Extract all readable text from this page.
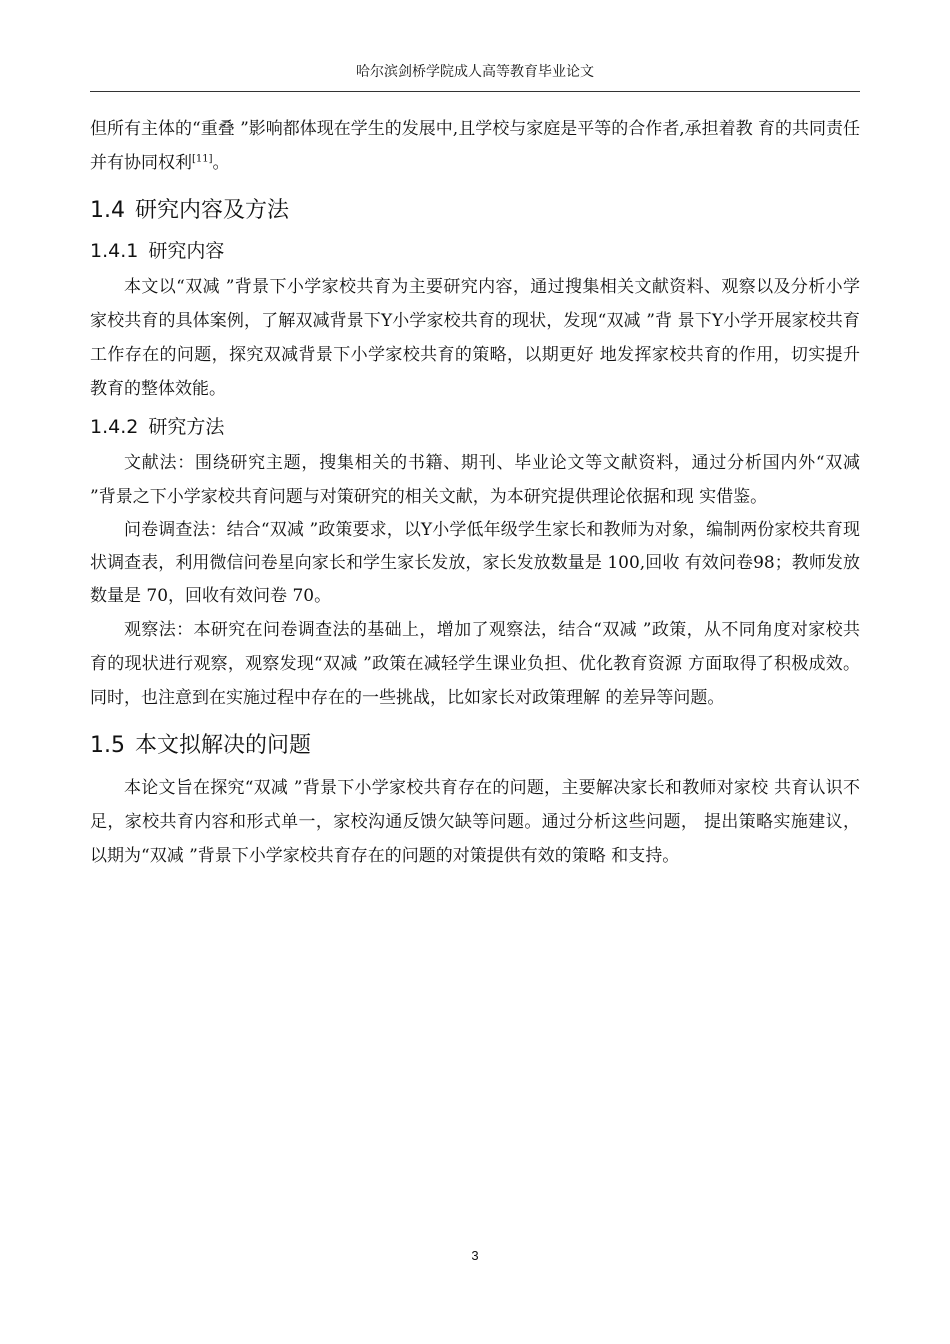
哈尔滨剑桥学院成人高等教育毕业论文

但所有主体的“重叠 ”影响都体现在学生的发展中,且学校与家庭是平等的合作者,承担着教 育的共同责任并有协同权利[11]。

1.4 研究内容及方法
1.4.1 研究内容

本文以“双减 ”背景下小学家校共育为主要研究内容，通过搜集相关文献资料、观察以及分析小学家校共育的具体案例，了解双减背景下Y小学家校共育的现状，发现“双减 ”背 景下Y小学开展家校共育工作存在的问题，探究双减背景下小学家校共育的策略，以期更好 地发挥家校共育的作用，切实提升教育的整体效能。

1.4.2 研究方法

文献法：围绕研究主题，搜集相关的书籍、期刊、毕业论文等文献资料，通过分析国内外“双减 ”背景之下小学家校共育问题与对策研究的相关文献，为本研究提供理论依据和现 实借鉴。

问卷调查法：结合“双减 ”政策要求，以Y小学低年级学生家长和教师为对象，编制两份家校共育现状调查表，利用微信问卷星向家长和学生家长发放，家长发放数量是 100,回收 有效问卷98；教师发放数量是 70，回收有效问卷 70。

观察法：本研究在问卷调查法的基础上，增加了观察法，结合“双减 ”政策，从不同角度对家校共育的现状进行观察，观察发现“双减 ”政策在减轻学生课业负担、优化教育资源 方面取得了积极成效。同时，也注意到在实施过程中存在的一些挑战，比如家长对政策理解 的差异等问题。

1.5 本文拟解决的问题

本论文旨在探究“双减 ”背景下小学家校共育存在的问题，主要解决家长和教师对家校 共育认识不足，家校共育内容和形式单一，家校沟通反馈欠缺等问题。通过分析这些问题， 提出策略实施建议，以期为“双减 ”背景下小学家校共育存在的问题的对策提供有效的策略 和支持。

3
